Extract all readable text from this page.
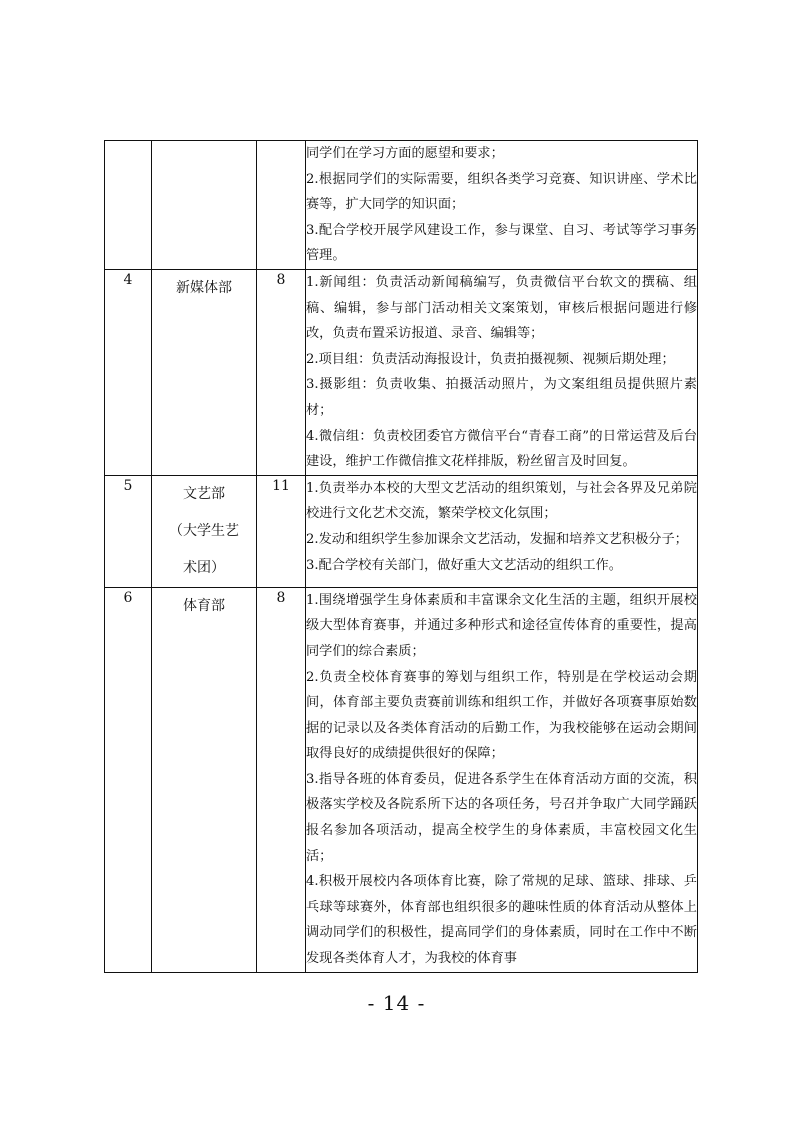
			同学们在学习方面的愿望和要求；
2.根据同学们的实际需要，组织各类学习竞赛、知识讲座、学术比赛等，扩大同学的知识面；
3.配合学校开展学风建设工作，参与课堂、自习、考试等学习事务管理。

4	新媒体部	8	1.新闻组：负责活动新闻稿编写，负责微信平台软文的撰稿、组稿、编辑，参与部门活动相关文案策划，审核后根据问题进行修改，负责布置采访报道、录音、编辑等；
2.项目组：负责活动海报设计，负责拍摄视频、视频后期处理；
3.摄影组：负责收集、拍摄活动照片，为文案组组员提供照片素材；
4.微信组：负责校团委官方微信平台“青春工商”的日常运营及后台建设，维护工作微信推文花样排版，粉丝留言及时回复。

5	文艺部
（大学生艺
术团）	11	1.负责举办本校的大型文艺活动的组织策划，与社会各界及兄弟院校进行文化艺术交流，繁荣学校文化氛围；
2.发动和组织学生参加课余文艺活动，发掘和培养文艺积极分子；
3.配合学校有关部门，做好重大文艺活动的组织工作。

6	体育部	8	1.围绕增强学生身体素质和丰富课余文化生活的主题，组织开展校级大型体育赛事，并通过多种形式和途径宣传体育的重要性，提高同学们的综合素质；
2.负责全校体育赛事的筹划与组织工作，特别是在学校运动会期间，体育部主要负责赛前训练和组织工作，并做好各项赛事原始数据的记录以及各类体育活动的后勤工作，为我校能够在运动会期间取得良好的成绩提供很好的保障；
3.指导各班的体育委员，促进各系学生在体育活动方面的交流，积极落实学校及各院系所下达的各项任务，号召并争取广大同学踊跃报名参加各项活动，提高全校学生的身体素质，丰富校园文化生活；
4.积极开展校内各项体育比赛，除了常规的足球、篮球、排球、乒乓球等球赛外，体育部也组织很多的趣味性质的体育活动从整体上调动同学们的积极性，提高同学们的身体素质，同时在工作中不断发现各类体育人才，为我校的体育事
- 14 -
